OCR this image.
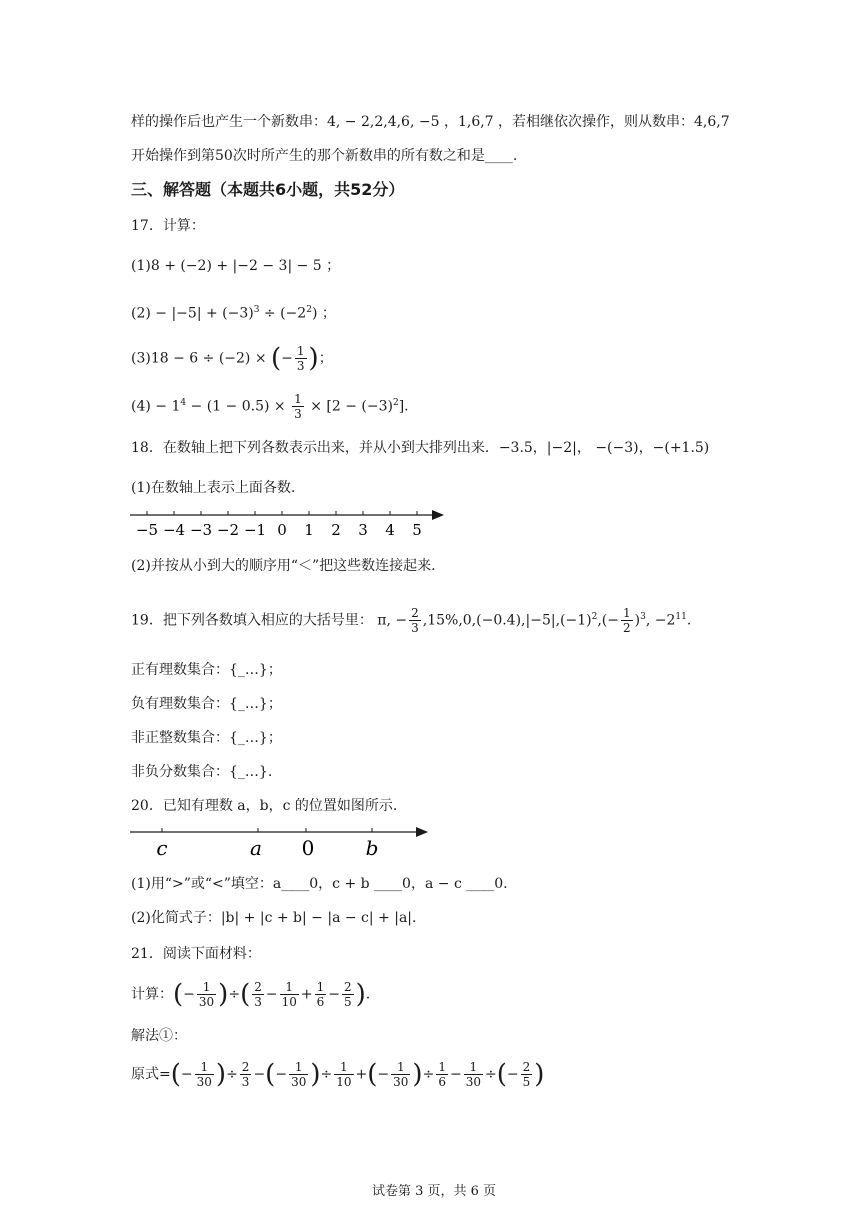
样的操作后也产生一个新数串：4, − 2,2,4,6, −5 ，1,6,7 ，若相继依次操作，则从数串：4,6,7
开始操作到第50次时所产生的那个新数串的所有数之和是____.
三、解答题（本题共6小题，共52分）
17．计算：
(1)8 + (−2) + |−2 − 3| − 5 ；
$(2) - |-5| + (-3)^3 \div (-2^2)$ ；
(3)18 − 6 ÷ (−2) × (− $\frac{1}{3}$ )；
$(4) - 1^4 - (1 - 0.5) \times \frac{1}{3} \times [2 - (-3)^2]$.
18．在数轴上把下列各数表示出来，并从小到大排列出来．−3.5，|−2|， −(−3)，−(+1.5)
(1)在数轴上表示上面各数.
−5 −4 −3 −2 −1 0 1 2 3 4 5
(2)并按从小到大的顺序用“＜”把这些数连接起来.
19．把下列各数填入相应的大括号里： π, − $\frac{2}{3} ,15\%,0,(-0.4),|-5|,(-1)^2,(- \frac{1}{2} )^3$, $-2^{11}$.
正有理数集合：{_…}；
负有理数集合：{_…}；
非正整数集合：{_…}；
非负分数集合：{_…}.
20．已知有理数 a，b，c 的位置如图所示.
c	a 0	b
(1)用“>”或“<”填空：a____0，c + b ____0，a − c ____0.
(2)化简式子：|b| + |c + b| − |a − c| + |a|.
21．阅读下面材料：
计算：(− $\frac{1}{30}$ )÷( $\frac{2}{3} - \frac{1}{10} + \frac{1}{6} - \frac{2}{5}$ ).
解法①：
原式=(− $\frac{1}{30}$ )÷ $\frac{2}{3}$ −(− $\frac{1}{30}$ )÷ $\frac{1}{10}$ +(− $\frac{1}{30}$ )÷ $\frac{1}{6} - \frac{1}{30}$ ÷(− $\frac{2}{5}$ )
试卷第 3 页，共 6 页
